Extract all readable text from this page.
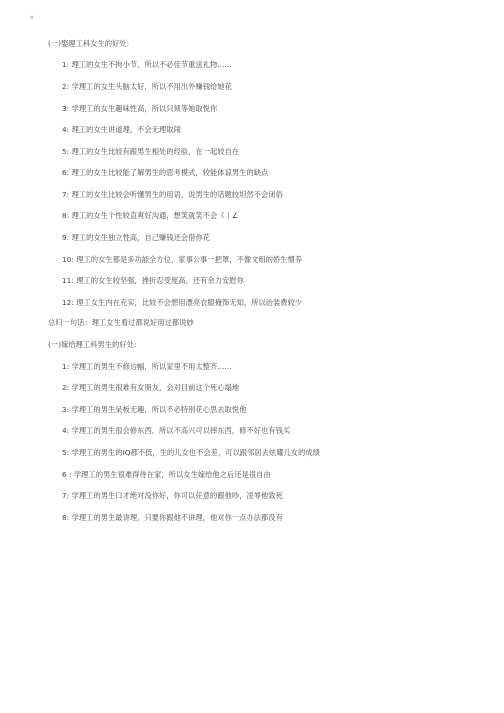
¤
(一)娶理工科女生的好处:
1: 理工的女生不拘小节，所以不必佳节重送礼物......
2: 学理工的女生头脑太好，所以不用出外赚钱给她花
3: 学理工的女生趣味性高，所以只须等她取悦你
4: 理工的女生讲道理，不会无理取闹
5: 理工的女生比较有跟男生相处的经验，在一起较自在
6: 理工的女生比较能了解男生的思考模式，较能体谅男生的缺点
7: 理工的女生比较会听懂男生的用语，说男生的话题较坦然不会闭俗
8: 理工的女生个性较直爽好沟通，想笑就笑不会《丨∠
9: 理工的女生独立性高，自己赚钱还会借你花
10: 理工的女生都是多功能全方位，家事公事一把罩，不像文组的娇生惯养
11: 理工的女生较坚强，挫折忍受度高，还有余力安慰你
12: 理工女生内在充实，比较不会想用漂亮衣服掩饰无知，所以治装费较少
总归一句话：理工女生看过都说好用过都说妙
(一)嫁给理工科男生的好处:
1: 学理工的男生不修边幅，所以家里不用太整齐......
2: 学理工的男生很难有女朋友，会对目前这个死心塌地
3: 学理工的男生呆板无趣，所以不必特别花心思去取悦他
4: 学理工的男生很会修东西，所以不高兴可以摔东西，修不好也有钱买
5: 学理工的男生的IQ都不低，生的儿女也不会差，可以跟邻居去炫耀儿女的成绩
6 : 学理工的男生很难得待在家，所以女生嫁给他之后还是很自由
7: 学理工的男生口才绝对没你好，你可以任意的跟他吵，凌辱他致死
8: 学理工的男生最讲理，只要你跟他不讲理，他对你一点办法都没有
